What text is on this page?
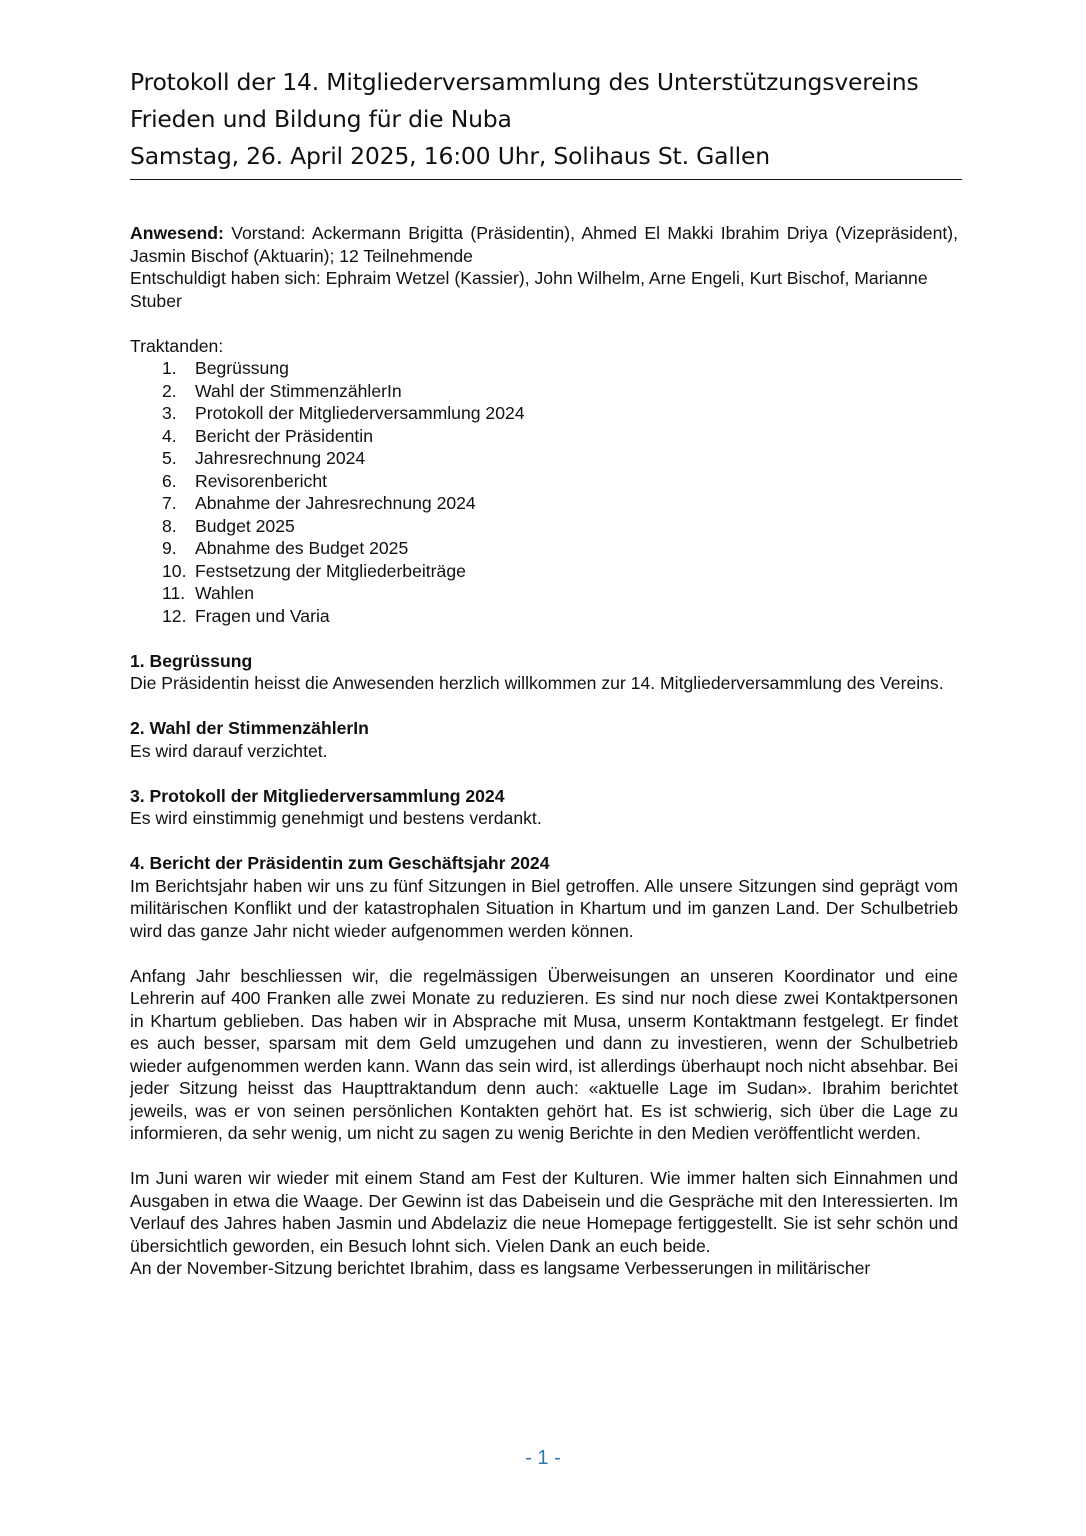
Protokoll der 14. Mitgliederversammlung des Unterstützungsvereins
Frieden und Bildung für die Nuba
Samstag, 26. April 2025, 16:00 Uhr, Solihaus St. Gallen

Anwesend: Vorstand: Ackermann Brigitta (Präsidentin), Ahmed El Makki Ibrahim Driya (Vizepräsident), Jasmin Bischof (Aktuarin); 12 Teilnehmende

Entschuldigt haben sich: Ephraim Wetzel (Kassier), John Wilhelm, Arne Engeli, Kurt Bischof, Marianne Stuber

Traktanden:

1.	Begrüssung
2.	Wahl der StimmenzählerIn
3.	Protokoll der Mitgliederversammlung 2024
4.	Bericht der Präsidentin
5.	Jahresrechnung 2024
6.	Revisorenbericht
7.	Abnahme der Jahresrechnung 2024
8.	Budget 2025
9.	Abnahme des Budget 2025
10. Festsetzung der Mitgliederbeiträge
11. Wahlen
12. Fragen und Varia

1. Begrüssung

Die Präsidentin heisst die Anwesenden herzlich willkommen zur 14. Mitgliederversammlung des Vereins.

2. Wahl der StimmenzählerIn

Es wird darauf verzichtet.

3. Protokoll der Mitgliederversammlung 2024

Es wird einstimmig genehmigt und bestens verdankt.

4. Bericht der Präsidentin zum Geschäftsjahr 2024

Im Berichtsjahr haben wir uns zu fünf Sitzungen in Biel getroffen. Alle unsere Sitzungen sind geprägt vom militärischen Konflikt und der katastrophalen Situation in Khartum und im ganzen Land. Der Schulbetrieb wird das ganze Jahr nicht wieder aufgenommen werden können.

Anfang Jahr beschliessen wir, die regelmässigen Überweisungen an unseren Koordinator und eine Lehrerin auf 400 Franken alle zwei Monate zu reduzieren. Es sind nur noch diese zwei Kontaktpersonen in Khartum geblieben. Das haben wir in Absprache mit Musa, unserm Kontaktmann festgelegt. Er findet es auch besser, sparsam mit dem Geld umzugehen und dann zu investieren, wenn der Schulbetrieb wieder aufgenommen werden kann. Wann das sein wird, ist allerdings überhaupt noch nicht absehbar. Bei jeder Sitzung heisst das Haupttraktandum denn auch: «aktuelle Lage im Sudan». Ibrahim berichtet jeweils, was er von seinen persönlichen Kontakten gehört hat. Es ist schwierig, sich über die Lage zu informieren, da sehr wenig, um nicht zu sagen zu wenig Berichte in den Medien veröffentlicht werden.

Im Juni waren wir wieder mit einem Stand am Fest der Kulturen. Wie immer halten sich Einnahmen und Ausgaben in etwa die Waage. Der Gewinn ist das Dabeisein und die Gespräche mit den Interessierten. Im Verlauf des Jahres haben Jasmin und Abdelaziz die neue Homepage fertiggestellt. Sie ist sehr schön und übersichtlich geworden, ein Besuch lohnt sich. Vielen Dank an euch beide.

An der November-Sitzung berichtet Ibrahim, dass es langsame Verbesserungen in militärischer

- 1 -
